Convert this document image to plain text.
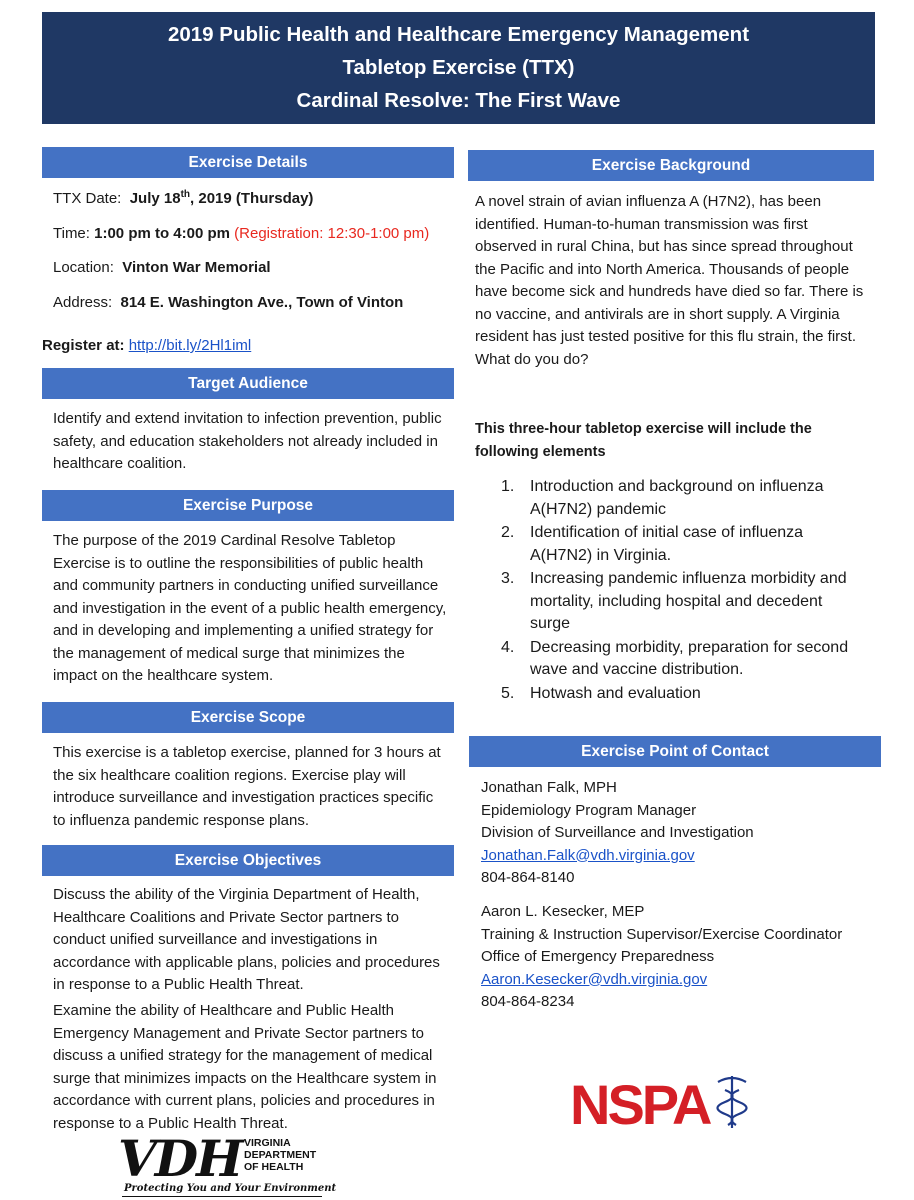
2019 Public Health and Healthcare Emergency Management
Tabletop Exercise (TTX)
Cardinal Resolve: The First Wave
Exercise Details
TTX Date: July 18th, 2019 (Thursday)
Time: 1:00 pm to 4:00 pm (Registration: 12:30-1:00 pm)
Location: Vinton War Memorial
Address: 814 E. Washington Ave., Town of Vinton
Register at: http://bit.ly/2Hl1iml
Target Audience
Identify and extend invitation to infection prevention, public safety, and education stakeholders not already included in healthcare coalition.
Exercise Purpose
The purpose of the 2019 Cardinal Resolve Tabletop Exercise is to outline the responsibilities of public health and community partners in conducting unified surveillance and investigation in the event of a public health emergency, and in developing and implementing a unified strategy for the management of medical surge that minimizes the impact on the healthcare system.
Exercise Scope
This exercise is a tabletop exercise, planned for 3 hours at the six healthcare coalition regions. Exercise play will introduce surveillance and investigation practices specific to influenza pandemic response plans.
Exercise Objectives
Discuss the ability of the Virginia Department of Health, Healthcare Coalitions and Private Sector partners to conduct unified surveillance and investigations in accordance with applicable plans, policies and procedures in response to a Public Health Threat.
Examine the ability of Healthcare and Public Health Emergency Management and Private Sector partners to discuss a unified strategy for the management of medical surge that minimizes impacts on the Healthcare system in accordance with current plans, policies and procedures in response to a Public Health Threat.
VDH VIRGINIA
DEPARTMENT
OF HEALTH
Protecting You and Your Environment
Exercise Background
A novel strain of avian influenza A (H7N2), has been identified. Human-to-human transmission was first observed in rural China, but has since spread throughout the Pacific and into North America. Thousands of people have become sick and hundreds have died so far. There is no vaccine, and antivirals are in short supply. A Virginia resident has just tested positive for this flu strain, the first. What do you do?
This three-hour tabletop exercise will include the following elements
1. Introduction and background on influenza A(H7N2) pandemic
2. Identification of initial case of influenza A(H7N2) in Virginia.
3. Increasing pandemic influenza morbidity and mortality, including hospital and decedent surge
4. Decreasing morbidity, preparation for second wave and vaccine distribution.
5. Hotwash and evaluation
Exercise Point of Contact
Jonathan Falk, MPH
Epidemiology Program Manager
Division of Surveillance and Investigation
Jonathan.Falk@vdh.virginia.gov
804-864-8140
Aaron L. Kesecker, MEP
Training & Instruction Supervisor/Exercise Coordinator
Office of Emergency Preparedness
Aaron.Kesecker@vdh.virginia.gov
804-864-8234
NSPA
